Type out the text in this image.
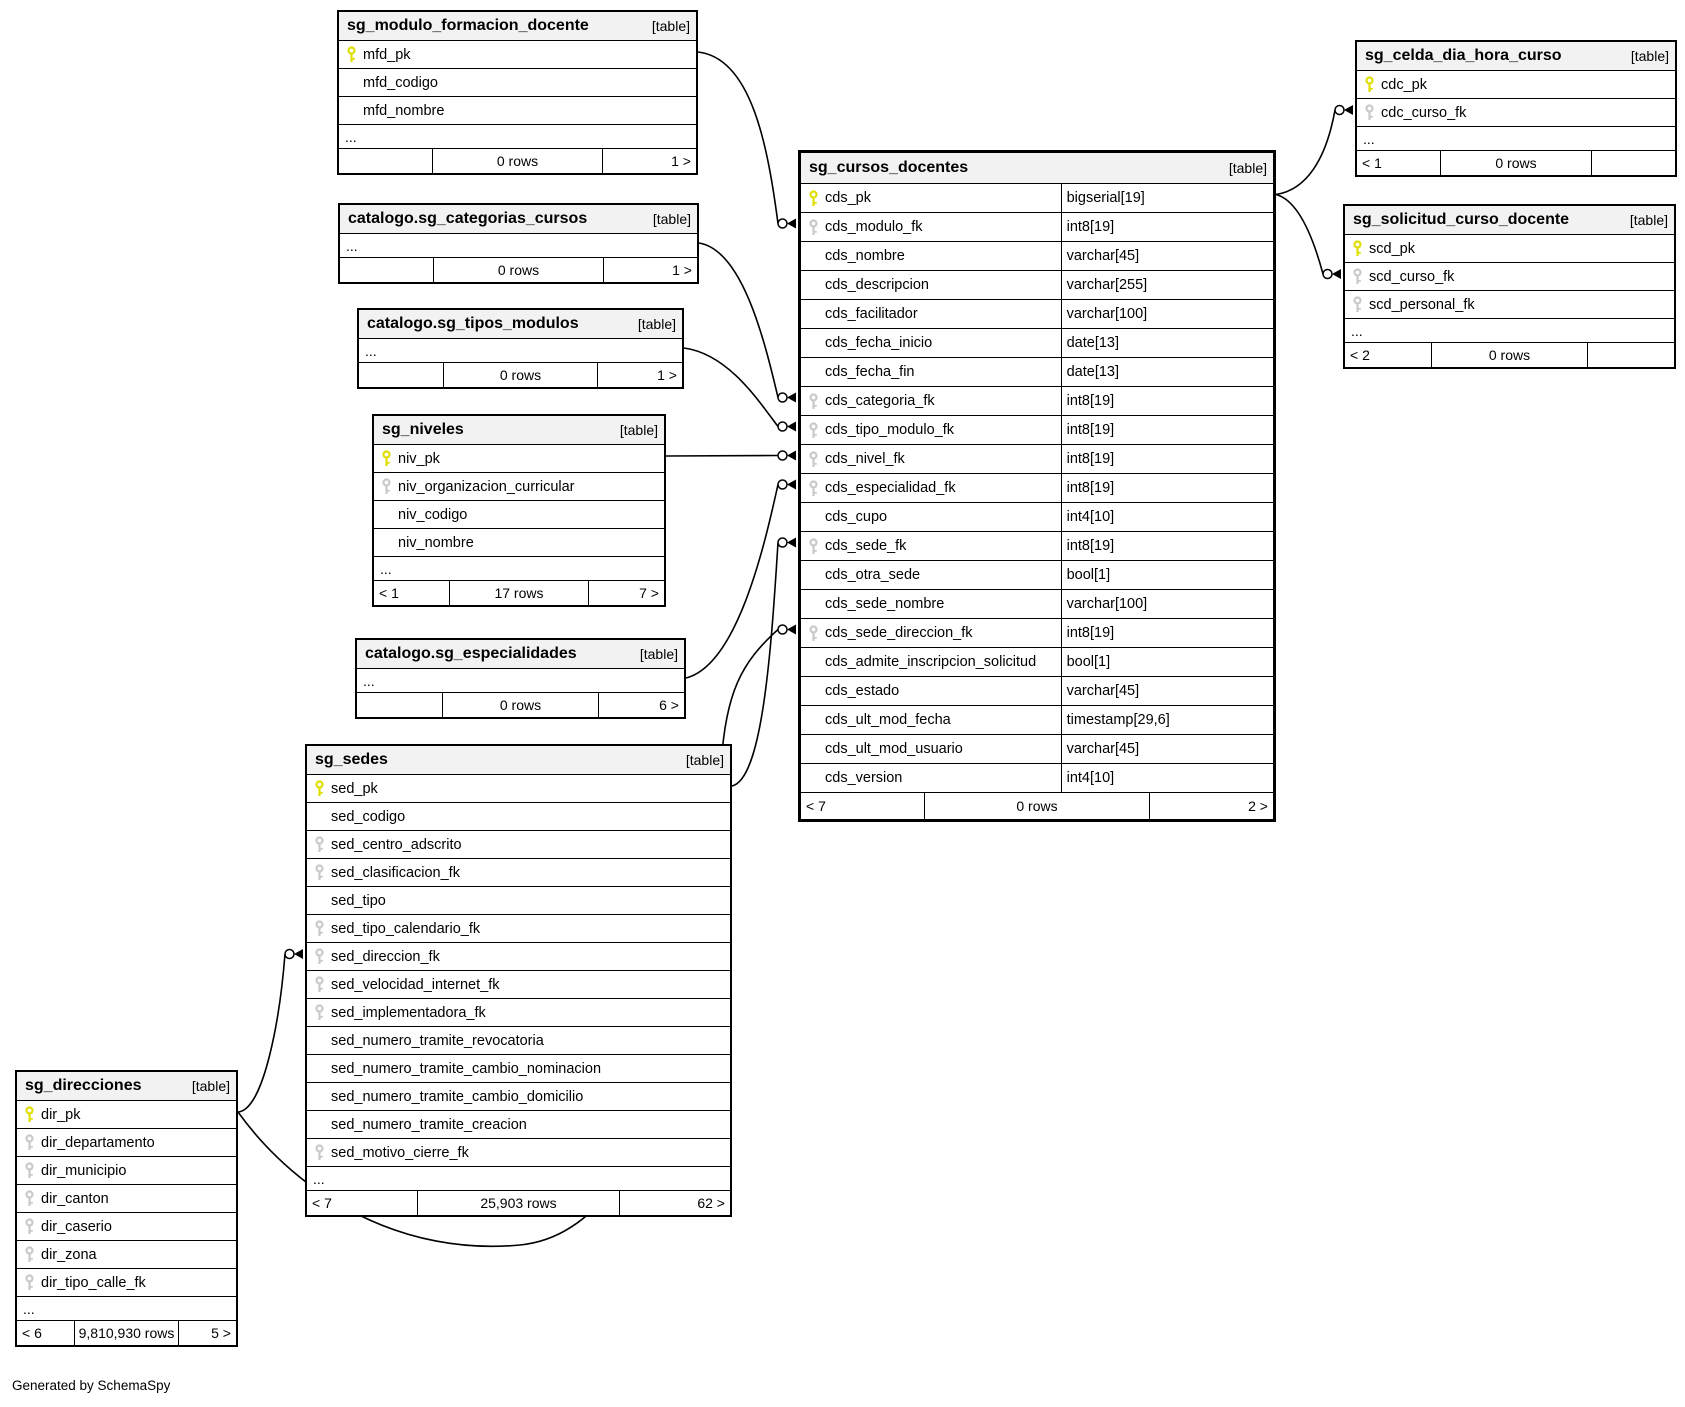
sg_modulo_formacion_docente	[table]
mfd_pk
mfd_codigo
mfd_nombre
...
0 rows	1 >
catalogo.sg_categorias_cursos	[table]
...
0 rows	1 >
catalogo.sg_tipos_modulos	[table]
...
0 rows	1 >
sg_niveles	[table]
niv_pk
niv_organizacion_curricular
niv_codigo
niv_nombre
...
< 1	17 rows	7 >
catalogo.sg_especialidades	[table]
...
0 rows	6 >
sg_sedes	[table]
sed_pk
sed_codigo
sed_centro_adscrito
sed_clasificacion_fk
sed_tipo
sed_tipo_calendario_fk
sed_direccion_fk
sed_velocidad_internet_fk
sed_implementadora_fk
sed_numero_tramite_revocatoria
sed_numero_tramite_cambio_nominacion
sed_numero_tramite_cambio_domicilio
sed_numero_tramite_creacion
sed_motivo_cierre_fk
...
< 7	25,903 rows	62 >
sg_direcciones	[table]
dir_pk
dir_departamento
dir_municipio
dir_canton
dir_caserio
dir_zona
dir_tipo_calle_fk
...
< 6	9,810,930 rows	5 >
sg_cursos_docentes	[table]
cds_pk	bigserial[19]
cds_modulo_fk	int8[19]
cds_nombre	varchar[45]
cds_descripcion	varchar[255]
cds_facilitador	varchar[100]
cds_fecha_inicio	date[13]
cds_fecha_fin	date[13]
cds_categoria_fk	int8[19]
cds_tipo_modulo_fk	int8[19]
cds_nivel_fk	int8[19]
cds_especialidad_fk	int8[19]
cds_cupo	int4[10]
cds_sede_fk	int8[19]
cds_otra_sede	bool[1]
cds_sede_nombre	varchar[100]
cds_sede_direccion_fk	int8[19]
cds_admite_inscripcion_solicitud	bool[1]
cds_estado	varchar[45]
cds_ult_mod_fecha	timestamp[29,6]
cds_ult_mod_usuario	varchar[45]
cds_version	int4[10]
< 7	0 rows	2 >
sg_celda_dia_hora_curso	[table]
cdc_pk
cdc_curso_fk
...
< 1	0 rows
sg_solicitud_curso_docente	[table]
scd_pk
scd_curso_fk
scd_personal_fk
...
< 2	0 rows
Generated by SchemaSpy
